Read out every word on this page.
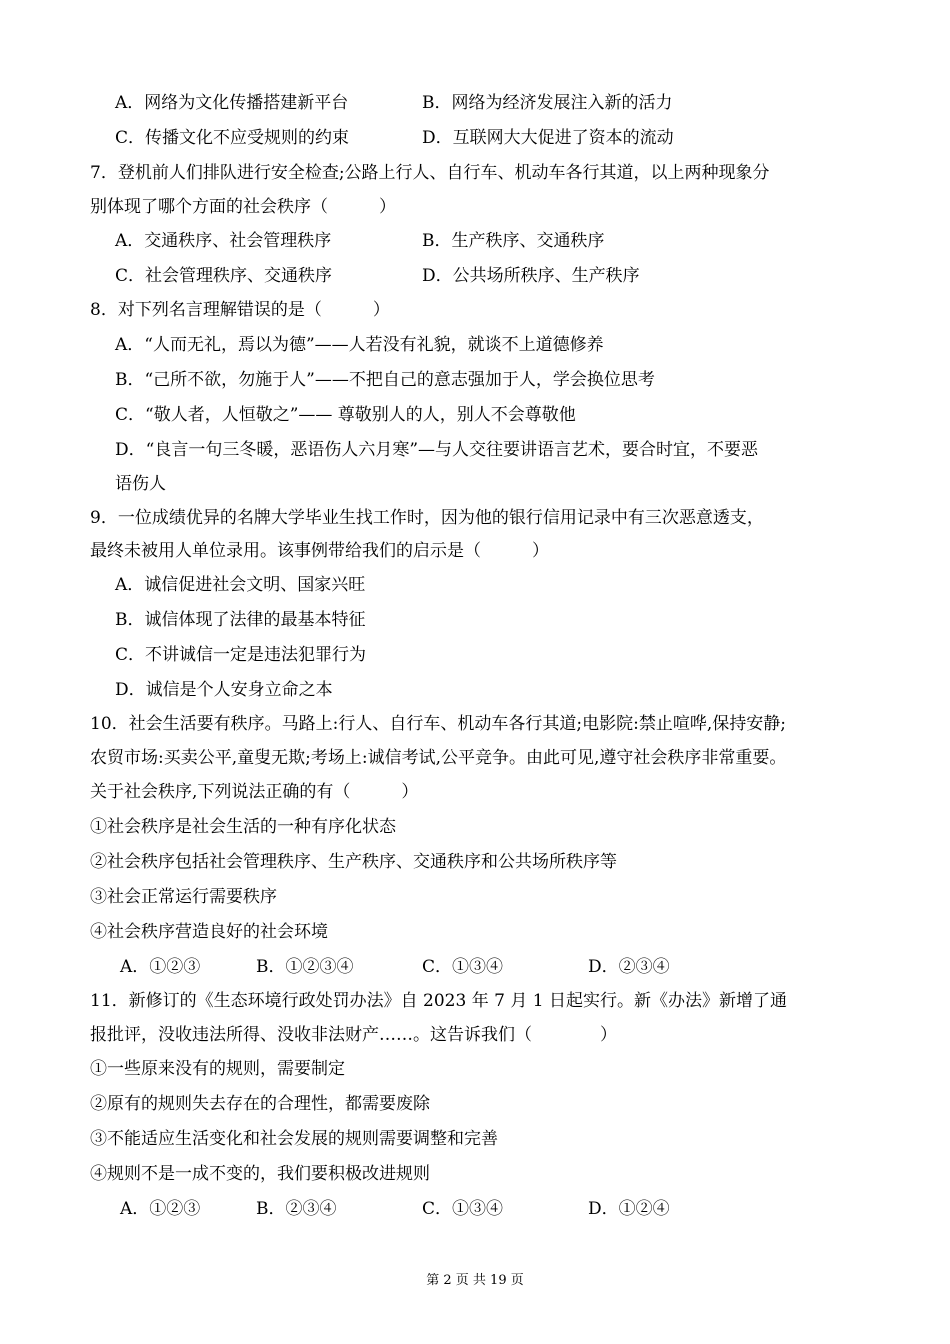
A．网络为文化传播搭建新平台	B．网络为经济发展注入新的活力
C．传播文化不应受规则的约束	D．互联网大大促进了资本的流动
7．登机前人们排队进行安全检查;公路上行人、自行车、机动车各行其道，以上两种现象分
别体现了哪个方面的社会秩序（　　　）
A．交通秩序、社会管理秩序	B．生产秩序、交通秩序
C．社会管理秩序、交通秩序	D．公共场所秩序、生产秩序
8．对下列名言理解错误的是（　　　）
A．“人而无礼，焉以为德”——人若没有礼貌，就谈不上道德修养
B．“己所不欲，勿施于人”——不把自己的意志强加于人，学会换位思考
C．“敬人者，人恒敬之”—— 尊敬别人的人，别人不会尊敬他
D．“良言一句三冬暖，恶语伤人六月寒”—与人交往要讲语言艺术，要合时宜，不要恶
语伤人
9．一位成绩优异的名牌大学毕业生找工作时，因为他的银行信用记录中有三次恶意透支，
最终未被用人单位录用。该事例带给我们的启示是（　　　）
A．诚信促进社会文明、国家兴旺
B．诚信体现了法律的最基本特征
C．不讲诚信一定是违法犯罪行为
D．诚信是个人安身立命之本
10．社会生活要有秩序。马路上:行人、自行车、机动车各行其道;电影院:禁止喧哗,保持安静;
农贸市场:买卖公平,童叟无欺;考场上:诚信考试,公平竞争。由此可见,遵守社会秩序非常重要。
关于社会秩序,下列说法正确的有（　　　）
①社会秩序是社会生活的一种有序化状态
②社会秩序包括社会管理秩序、生产秩序、交通秩序和公共场所秩序等
③社会正常运行需要秩序
④社会秩序营造良好的社会环境
A．①②③	B．①②③④	C．①③④	D．②③④
11．新修订的《生态环境行政处罚办法》自 2023 年 7 月 1 日起实行。新《办法》新增了通
报批评，没收违法所得、没收非法财产……。这告诉我们（　　　　）
①一些原来没有的规则，需要制定
②原有的规则失去存在的合理性，都需要废除
③不能适应生活变化和社会发展的规则需要调整和完善
④规则不是一成不变的，我们要积极改进规则
A．①②③	B．②③④	C．①③④	D．①②④
第 2 页 共 19 页
